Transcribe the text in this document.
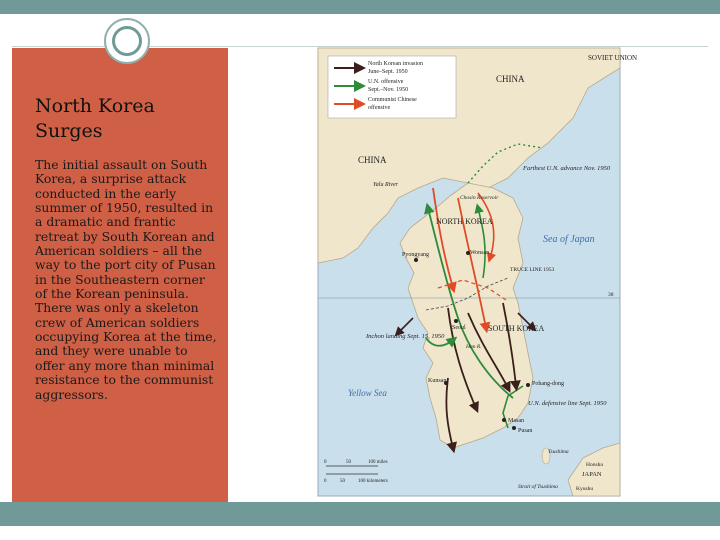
North Korea Surges
The initial assault on South Korea, a surprise attack conducted in the early summer of 1950, resulted in a dramatic and frantic retreat by South Korean and American soldiers – all the way to the port city of Pusan in the Southeastern corner of the Korean peninsula. There was only a skeleton crew of American soldiers occupying Korea at the time, and they were unable to offer any more than minimal resistance to the communist aggressors.
North Korean invasion
June–Sept. 1950
U.N. offensive
Sept.–Nov. 1950
Communist Chinese
offensive
SOVIET UNION
CHINA
CHINA
Yalu River
Farthest U.N. advance Nov. 1950
Chosin Reservoir
NORTH KOREA
Wonsan
Pyongyang
Sea of Japan
TRUCE LINE 1953
38
Seoul	SOUTH KOREA
Inchon landing Sept. 15, 1950
Han R.
Kunsan	Pohang-dong
Yellow Sea
U.N. defensive line Sept. 1950
Masan
Pusan
Tsushima
Strait of Tsushima
JAPAN
Honshu
Kyushu
0	50	100 miles
0	50	100 kilometers
